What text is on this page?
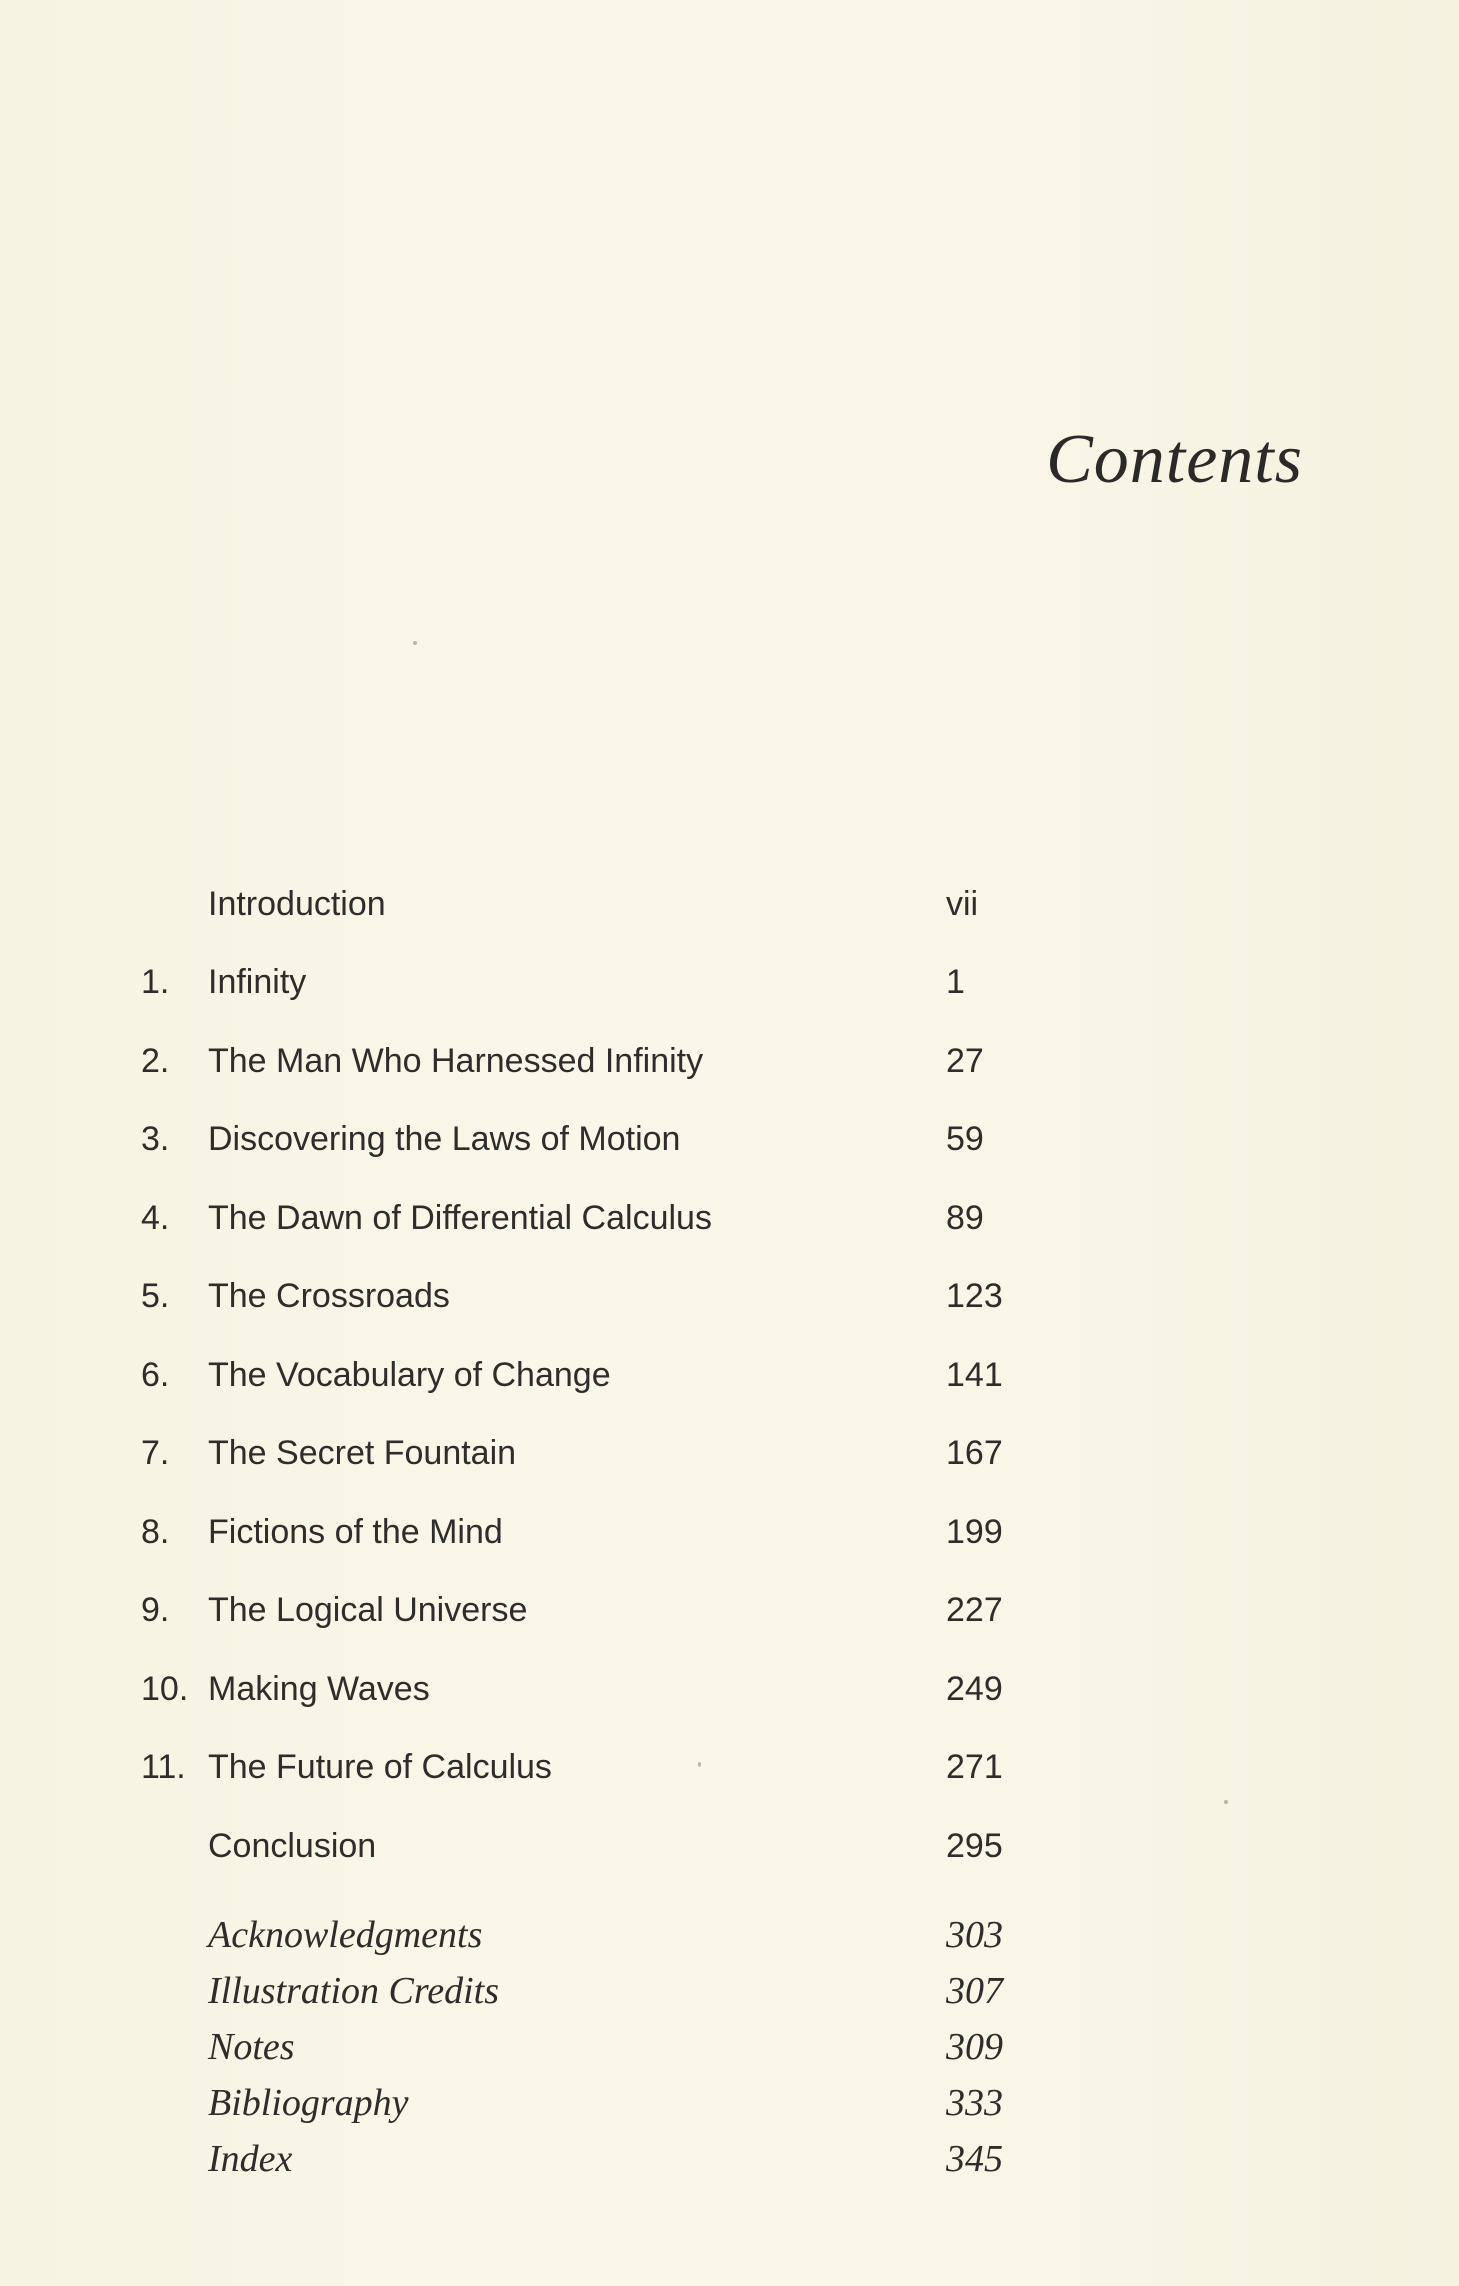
Contents
Introduction	vii
1. Infinity	1
2. The Man Who Harnessed Infinity	27
3. Discovering the Laws of Motion	59
4. The Dawn of Differential Calculus	89
5. The Crossroads	123
6. The Vocabulary of Change	141
7. The Secret Fountain	167
8. Fictions of the Mind	199
9. The Logical Universe	227
10. Making Waves	249
11. The Future of Calculus	271
Conclusion	295
Acknowledgments	303
Illustration Credits	307
Notes	309
Bibliography	333
Index	345
